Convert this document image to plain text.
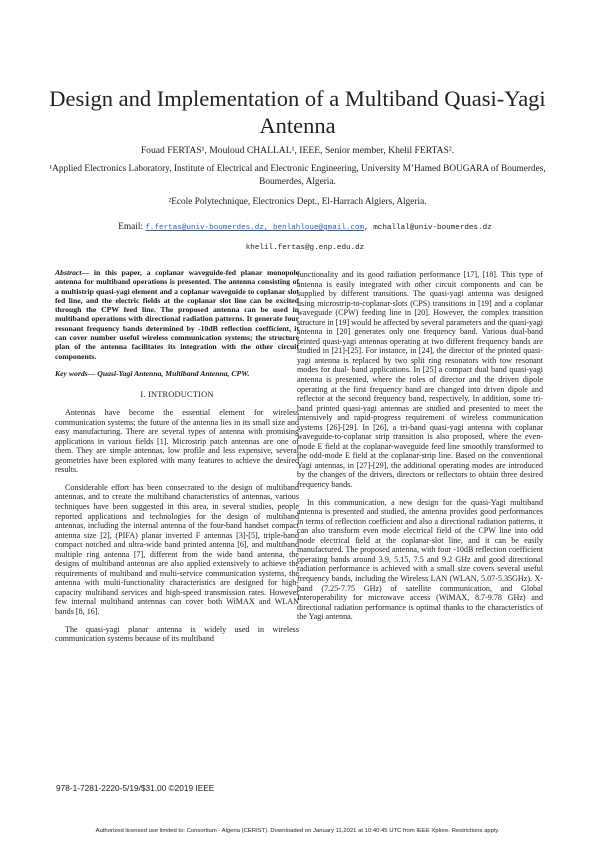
Design and Implementation of a Multiband Quasi-Yagi Antenna
Fouad FERTAS¹, Mouloud CHALLAL¹, IEEE, Senior member, Khelil FERTAS².
¹Applied Electronics Laboratory, Institute of Electrical and Electronic Engineering, University M’Hamed BOUGARA of Boumerdes, Boumerdes, Algeria.
²Ecole Polytechnique, Electronics Dept., El-Harrach Algiers, Algeria.
Email: f.fertas@univ-boumerdes.dz, benlahloue@gmail.com, mchallal@univ-boumerdes.dz
khelil.fertas@g.enp.edu.dz

Abstract— in this paper, a coplanar waveguide-fed planar monopole antenna for multiband operations is presented. The antenna consisting of a multistrip quasi-yagi element and a coplanar waveguide to coplanar slot fed line, and the electric fields at the coplanar slot line can be excited through the CPW feed line. The proposed antenna can be used in multiband operations with directional radiation patterns. It generate four resonant frequency bands determined by -10dB reflection coefficient, it can cover number useful wireless communication systems; the structure plan of the antenna facilitates its integration with the other circuit components.

Key words— Quasi-Yagi Antenna, Multiband Antenna, CPW.

I. INTRODUCTION

Antennas have become the essential element for wireless communication systems; the future of the antenna lies in its small size and easy manufacturing. There are several types of antenna with promising applications in various fields [1]. Microstrip patch antennas are one of them. They are simple antennas, low profile and less expensive, several geometries have been explored with many features to achieve the desired results.

Considerable effort has been consecrated to the design of multiband antennas, and to create the multiband characteristics of antennas, various techniques have been suggested in this area, in several studies, people reported applications and technologies for the design of multiband antennas, including the internal antenna of the four-band handset compact antenna size [2], (PIFA) planar inverted F antennas [3]-[5], triple-band compact notched and ultra-wide band printed antenna [6], and multiband multiple ring antenna [7], different from the wide band antenna, the designs of multiband antennas are also applied extensively to achieve the requirements of multiband and multi-service communication systems, the antenna with multi-functionality characteristics are designed for high-capacity multiband services and high-speed transmission rates. However few internal multiband antennas can cover both WiMAX and WLAN bands [8, 16].

The quasi-yagi planar antenna is widely used in wireless communication systems because of its multiband

functionality and its good radiation performance [17], [18]. This type of antenna is easily integrated with other circuit components and can be supplied by different transitions. The quasi-yagi antenna was designed using microstrip-to-coplanar-slots (CPS) transitions in [19] and a coplanar waveguide (CPW) feeding line in [20]. However, the complex transition structure in [19] would be affected by several parameters and the quasi-yagi antenna in [20] generates only one frequency band. Various dual-band printed quasi-yagi antennas operating at two different frequency bands are studied in [21]-[25]. For instance, in [24], the director of the printed quasi-yagi antenna is replaced by two split ring resonators with tow resonant modes for dual- band applications. In [25] a compact dual band quasi-yagi antenna is presented, where the roles of director and the driven dipole operating at the first frequency band are changed into driven dipole and reflector at the second frequency band, respectively, In addition, some tri-band printed quasi-yagi antennas are studied and presented to meet the intensively and rapid-progress requirement of wireless communication systems [26]-[29]. In [26], a tri-band quasi-yagi antenna with coplanar waveguide-to-coplanar strip transition is also proposed, where the even-mode E field at the coplanar-waveguide feed line smoothly transformed to the odd-mode E field at the coplanar-strip line. Based on the conventional Yagi antennas, in [27]-[29], the additional operating modes are introduced by the changes of the drivers, directors or reflectors to obtain three desired frequency bands.

In this communication, a new design for the quasi-Yagi multiband antenna is presented and studied, the antenna provides good performances in terms of reflection coefficient and also a directional radiation patterns, it can also transform even mode electrical field of the CPW line into odd mode electrical field at the coplanar-slot line, and it can be easily manufactured. The proposed antenna, with four -10dB reflection coefficient operating bands around 3.9, 5.15, 7.5 and 9.2 GHz and good directional radiation performance is achieved with a small size covers several useful frequency bands, including the Wireless LAN (WLAN, 5.07-5.35GHz). X-band (7.25-7.75 GHz) of satellite communication, and Global Interoperability for microwave access (WiMAX, 8.7-9.78 GHz) and directional radiation performance is optimal thanks to the characteristics of the Yagi antenna.

978-1-7281-2220-5/19/$31.00 ©2019 IEEE
Authorized licensed use limited to: Consortium - Algeria (CERIST). Downloaded on January 11,2021 at 10:40:45 UTC from IEEE Xplore. Restrictions apply.
